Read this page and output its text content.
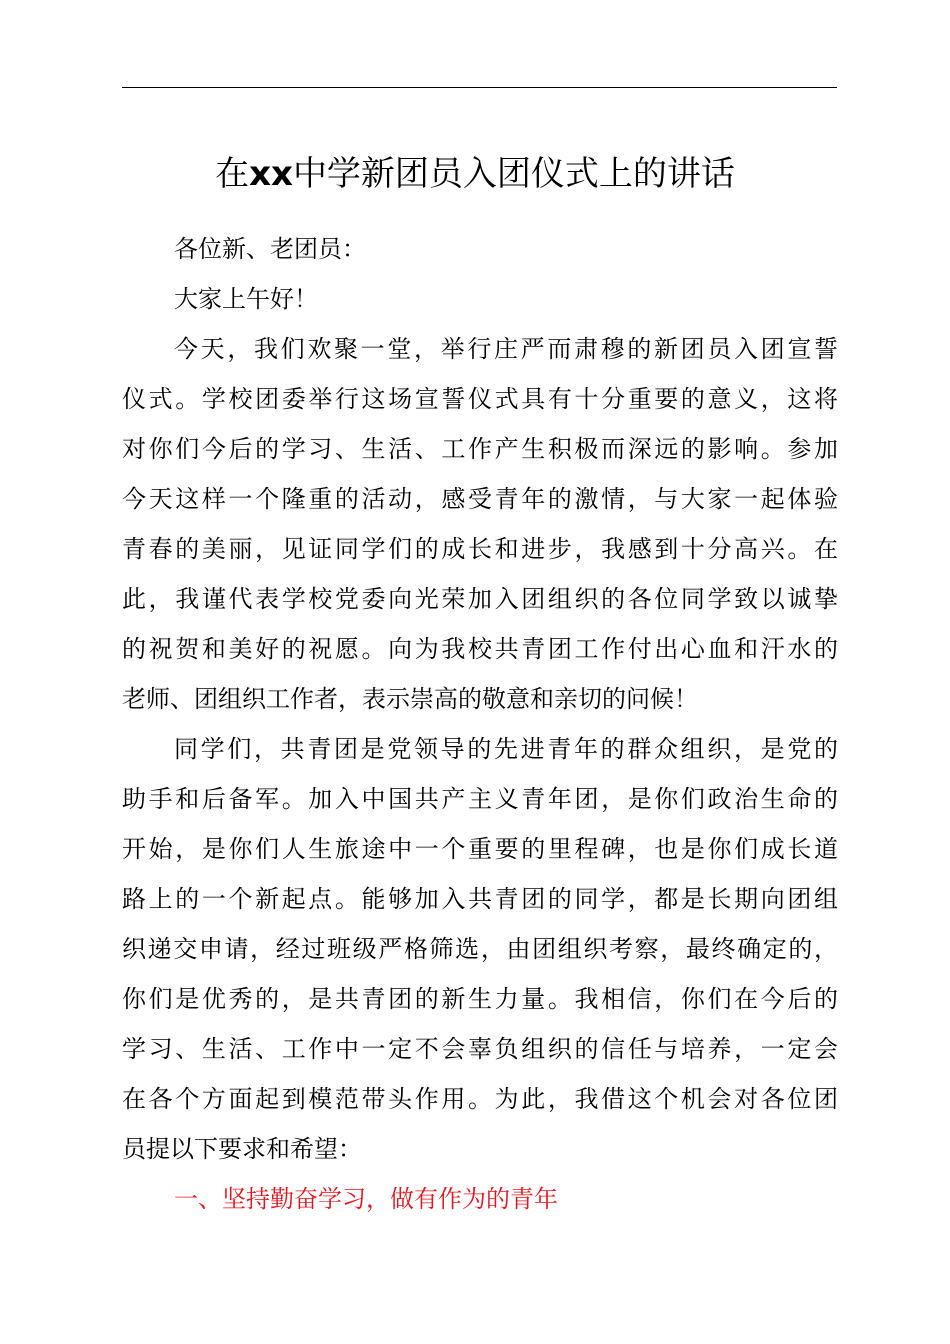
在xx中学新团员入团仪式上的讲话
各位新、老团员：
大家上午好！
今天，我们欢聚一堂，举行庄严而肃穆的新团员入团宣誓
仪式。学校团委举行这场宣誓仪式具有十分重要的意义，这将
对你们今后的学习、生活、工作产生积极而深远的影响。参加
今天这样一个隆重的活动，感受青年的激情，与大家一起体验
青春的美丽，见证同学们的成长和进步，我感到十分高兴。在
此，我谨代表学校党委向光荣加入团组织的各位同学致以诚挚
的祝贺和美好的祝愿。向为我校共青团工作付出心血和汗水的
老师、团组织工作者，表示崇高的敬意和亲切的问候！
同学们，共青团是党领导的先进青年的群众组织，是党的
助手和后备军。加入中国共产主义青年团，是你们政治生命的
开始，是你们人生旅途中一个重要的里程碑，也是你们成长道
路上的一个新起点。能够加入共青团的同学，都是长期向团组
织递交申请，经过班级严格筛选，由团组织考察，最终确定的，
你们是优秀的，是共青团的新生力量。我相信，你们在今后的
学习、生活、工作中一定不会辜负组织的信任与培养，一定会
在各个方面起到模范带头作用。为此，我借这个机会对各位团
员提以下要求和希望：
一、坚持勤奋学习，做有作为的青年
